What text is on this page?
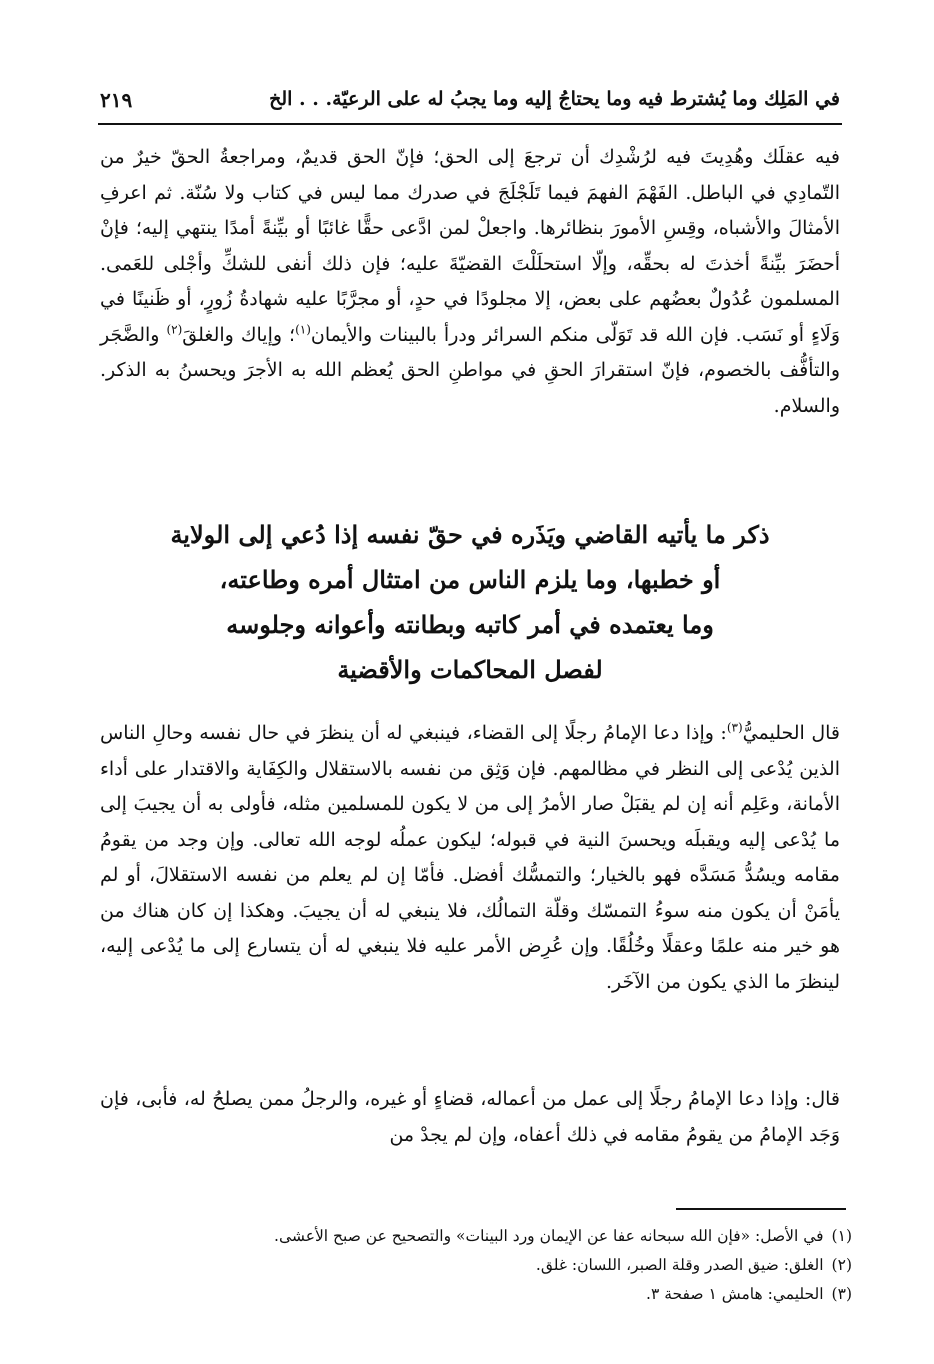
في المَلِك وما يُشترط فيه وما يحتاجُ إليه وما يجبُ له على الرعيّة. . . الخ
٢١٩

فيه عقلَك وهُدِيتَ فيه لرُشْدِك أن ترجعَ إلى الحق؛ فإنّ الحق قديمٌ، ومراجعةُ الحقّ خيرٌ من التّمادِي في الباطل. الفَهْمَ الفهمَ فيما تَلَجْلَجَ في صدرك مما ليس في كتاب ولا سُنّة. ثم اعرفِ الأمثالَ والأشباه، وقِسِ الأمورَ بنظائرها. واجعلْ لمن ادَّعى حقًّا غائبًا أو بيِّنةً أمدًا ينتهي إليه؛ فإنْ أحضَرَ بيِّنةً أخذتَ له بحقِّه، وإلّا استحلَلْتَ القضيّةَ عليه؛ فإن ذلك أنفى للشكِّ وأجْلى للعَمى. المسلمون عُدُولٌ بعضُهم على بعض، إلا مجلودًا في حدٍ، أو مجرَّبًا عليه شهادةُ زُورٍ، أو ظَنينًا في وَلَاءٍ أو نَسَب. فإن الله قد تَوَلّى منكم السرائر ودرأ بالبينات والأيمان$^{(١)}$؛ وإياك والغلقَ$^{(٢)}$ والضَّجَر والتأفُّف بالخصوم، فإنّ استقرارَ الحقِ في مواطنِ الحق يُعظم الله به الأجرَ ويحسنُ به الذكر. والسلام.

ذكر ما يأتيه القاضي ويَذَره في حقّ نفسه إذا دُعي إلى الولاية
أو خطبها، وما يلزم الناس من امتثال أمره وطاعته،
وما يعتمده في أمر كاتبه وبطانته وأعوانه وجلوسه
لفصل المحاكمات والأقضية

قال الحليميُّ$^{(٣)}$: وإذا دعا الإمامُ رجلًا إلى القضاء، فينبغي له أن ينظرَ في حال نفسه وحالِ الناس الذين يُدْعى إلى النظر في مظالمهم. فإن وَثِق من نفسه بالاستقلال والكِفَاية والاقتدار على أداء الأمانة، وعَلِم أنه إن لم يقبَلْ صار الأمرُ إلى من لا يكون للمسلمين مثله، فأولى به أن يجيبَ إلى ما يُدْعى إليه ويقبلَه ويحسنَ النية في قبوله؛ ليكون عملُه لوجه الله تعالى. وإن وجد من يقومُ مقامه ويسُدُّ مَسَدَّه فهو بالخيار؛ والتمسُّك أفضل. فأمّا إن لم يعلم من نفسه الاستقلالَ، أو لم يأمَنْ أن يكون منه سوءُ التمسّك وقلّة التمالُك، فلا ينبغي له أن يجيبَ. وهكذا إن كان هناك من هو خير منه علمًا وعقلًا وخُلُقًا. وإن عُرِض الأمر عليه فلا ينبغي له أن يتسارع إلى ما يُدْعى إليه، لينظرَ ما الذي يكون من الآخَر.

قال: وإذا دعا الإمامُ رجلًا إلى عمل من أعماله، قضاءٍ أو غيره، والرجلُ ممن يصلحُ له، فأبى، فإن وَجَد الإمامُ من يقومُ مقامه في ذلك أعفاه، وإن لم يجدْ من

(١)في الأصل: «فإن الله سبحانه عفا عن الإيمان ورد البينات» والتصحيح عن صبح الأعشى.
(٢)الغلق: ضيق الصدر وقلة الصبر، اللسان: غلق.
(٣)الحليمي: هامش ١ صفحة ٣.
